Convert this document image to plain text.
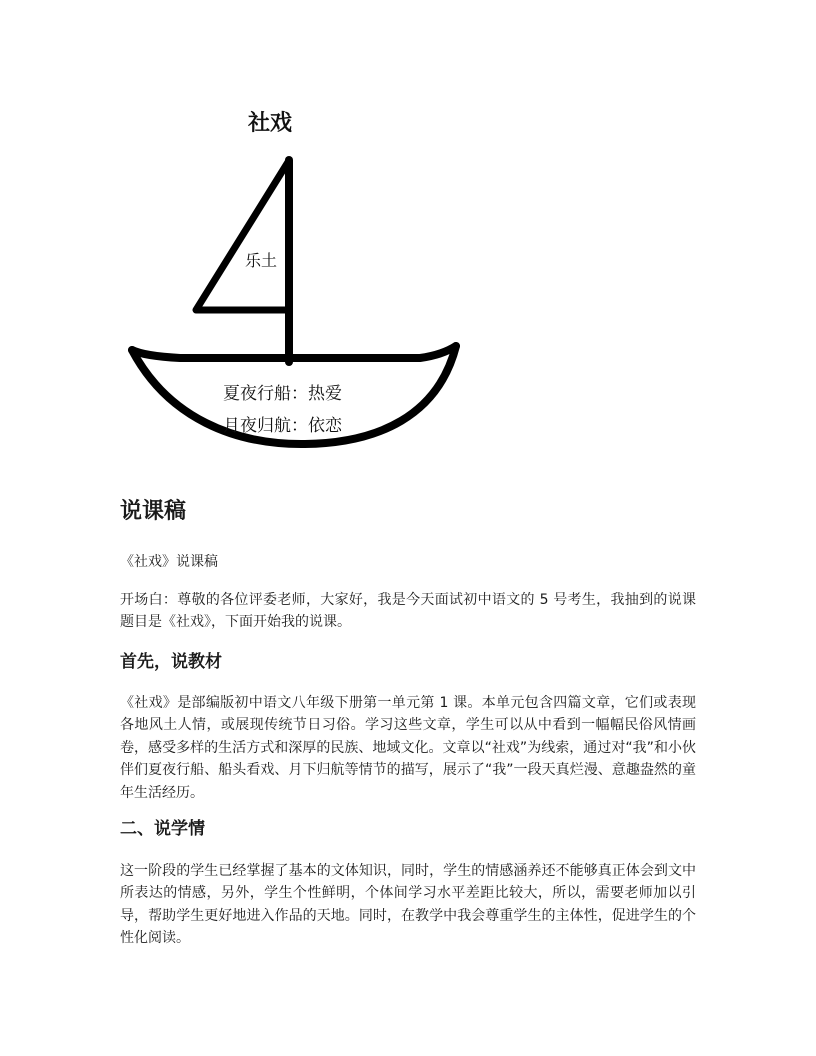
社戏
乐土
夏夜行船：热爱
月夜归航：依恋
说课稿

《社戏》说课稿

开场白：尊敬的各位评委老师，大家好，我是今天面试初中语文的 5 号考生，我抽到的说课题目是《社戏》，下面开始我的说课。

首先，说教材

《社戏》是部编版初中语文八年级下册第一单元第 1 课。本单元包含四篇文章，它们或表现各地风土人情，或展现传统节日习俗。学习这些文章，学生可以从中看到一幅幅民俗风情画卷，感受多样的生活方式和深厚的民族、地域文化。文章以“社戏”为线索，通过对“我”和小伙伴们夏夜行船、船头看戏、月下归航等情节的描写，展示了“我”一段天真烂漫、意趣盎然的童年生活经历。

二、说学情

这一阶段的学生已经掌握了基本的文体知识，同时，学生的情感涵养还不能够真正体会到文中所表达的情感，另外，学生个性鲜明，个体间学习水平差距比较大，所以，需要老师加以引导，帮助学生更好地进入作品的天地。同时，在教学中我会尊重学生的主体性，促进学生的个性化阅读。
